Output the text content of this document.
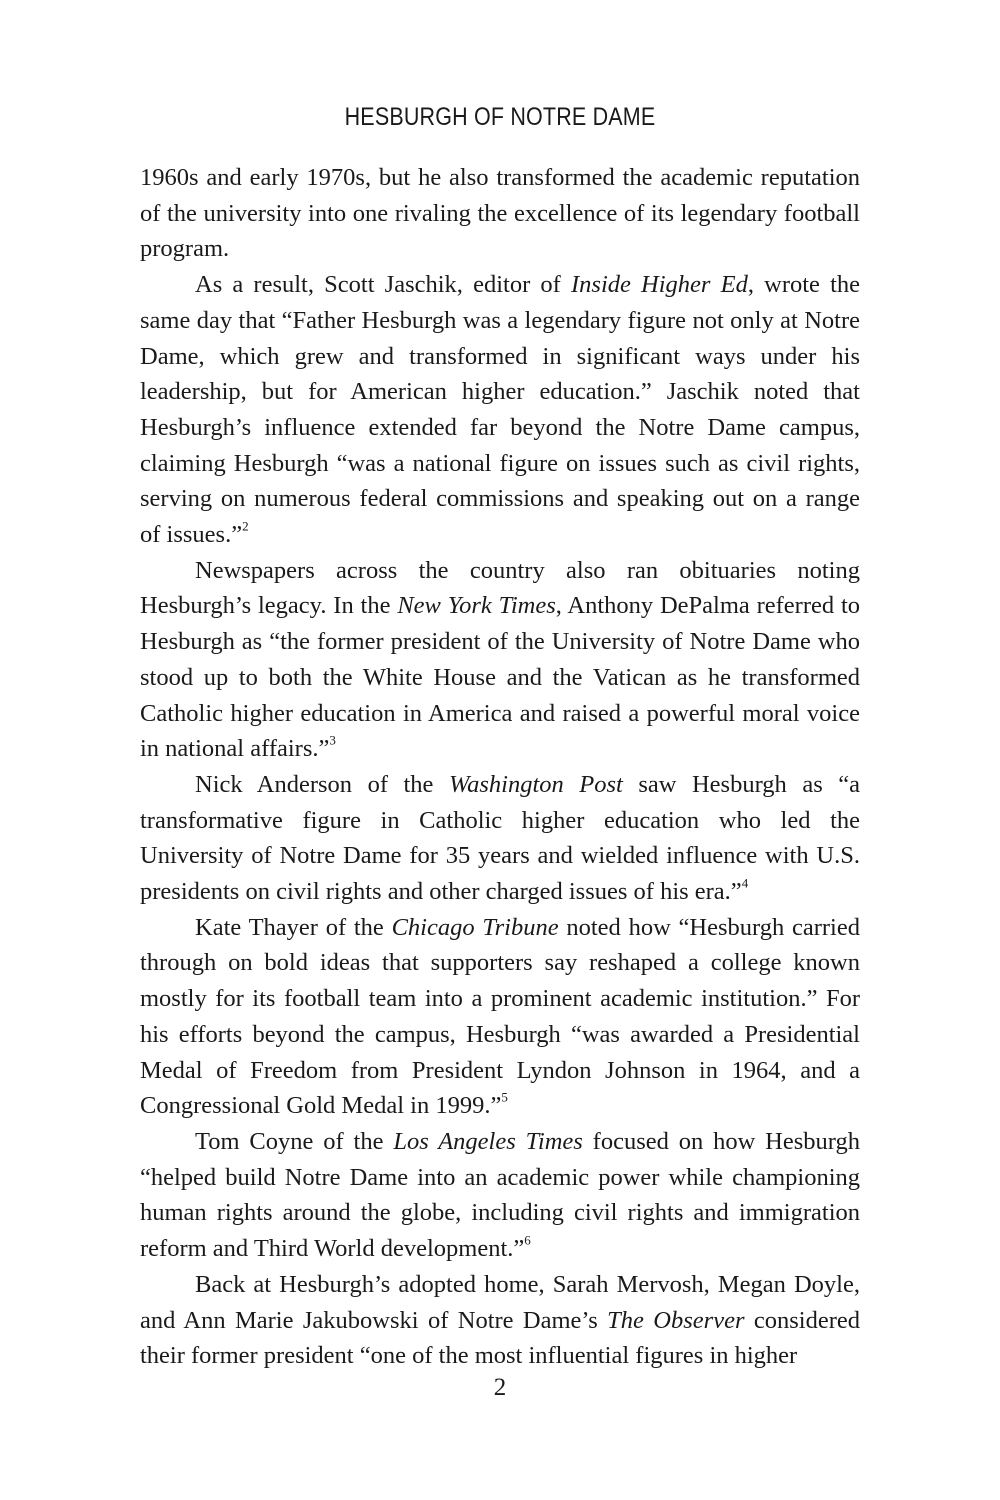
HESBURGH OF NOTRE DAME

1960s and early 1970s, but he also transformed the academic reputation of the university into one rivaling the excellence of its legendary football program.

As a result, Scott Jaschik, editor of Inside Higher Ed, wrote the same day that “Father Hesburgh was a legendary figure not only at Notre Dame, which grew and transformed in significant ways under his leadership, but for American higher education.” Jaschik noted that Hesburgh’s influence extended far beyond the Notre Dame campus, claiming Hesburgh “was a national figure on issues such as civil rights, serving on numerous federal commissions and speaking out on a range of issues.”$^2$

Newspapers across the country also ran obituaries noting Hesburgh’s legacy. In the New York Times, Anthony DePalma referred to Hesburgh as “the former president of the University of Notre Dame who stood up to both the White House and the Vatican as he transformed Catholic higher education in America and raised a powerful moral voice in national affairs.”$^3$

Nick Anderson of the Washington Post saw Hesburgh as “a transformative figure in Catholic higher education who led the University of Notre Dame for 35 years and wielded influence with U.S. presidents on civil rights and other charged issues of his era.”$^4$

Kate Thayer of the Chicago Tribune noted how “Hesburgh carried through on bold ideas that supporters say reshaped a college known mostly for its football team into a prominent academic institution.” For his efforts beyond the campus, Hesburgh “was awarded a Presidential Medal of Freedom from President Lyndon Johnson in 1964, and a Congressional Gold Medal in 1999.”$^5$

Tom Coyne of the Los Angeles Times focused on how Hesburgh “helped build Notre Dame into an academic power while championing human rights around the globe, including civil rights and immigration reform and Third World development.”$^6$

Back at Hesburgh’s adopted home, Sarah Mervosh, Megan Doyle, and Ann Marie Jakubowski of Notre Dame’s The Observer considered their former president “one of the most influential figures in higher

2
